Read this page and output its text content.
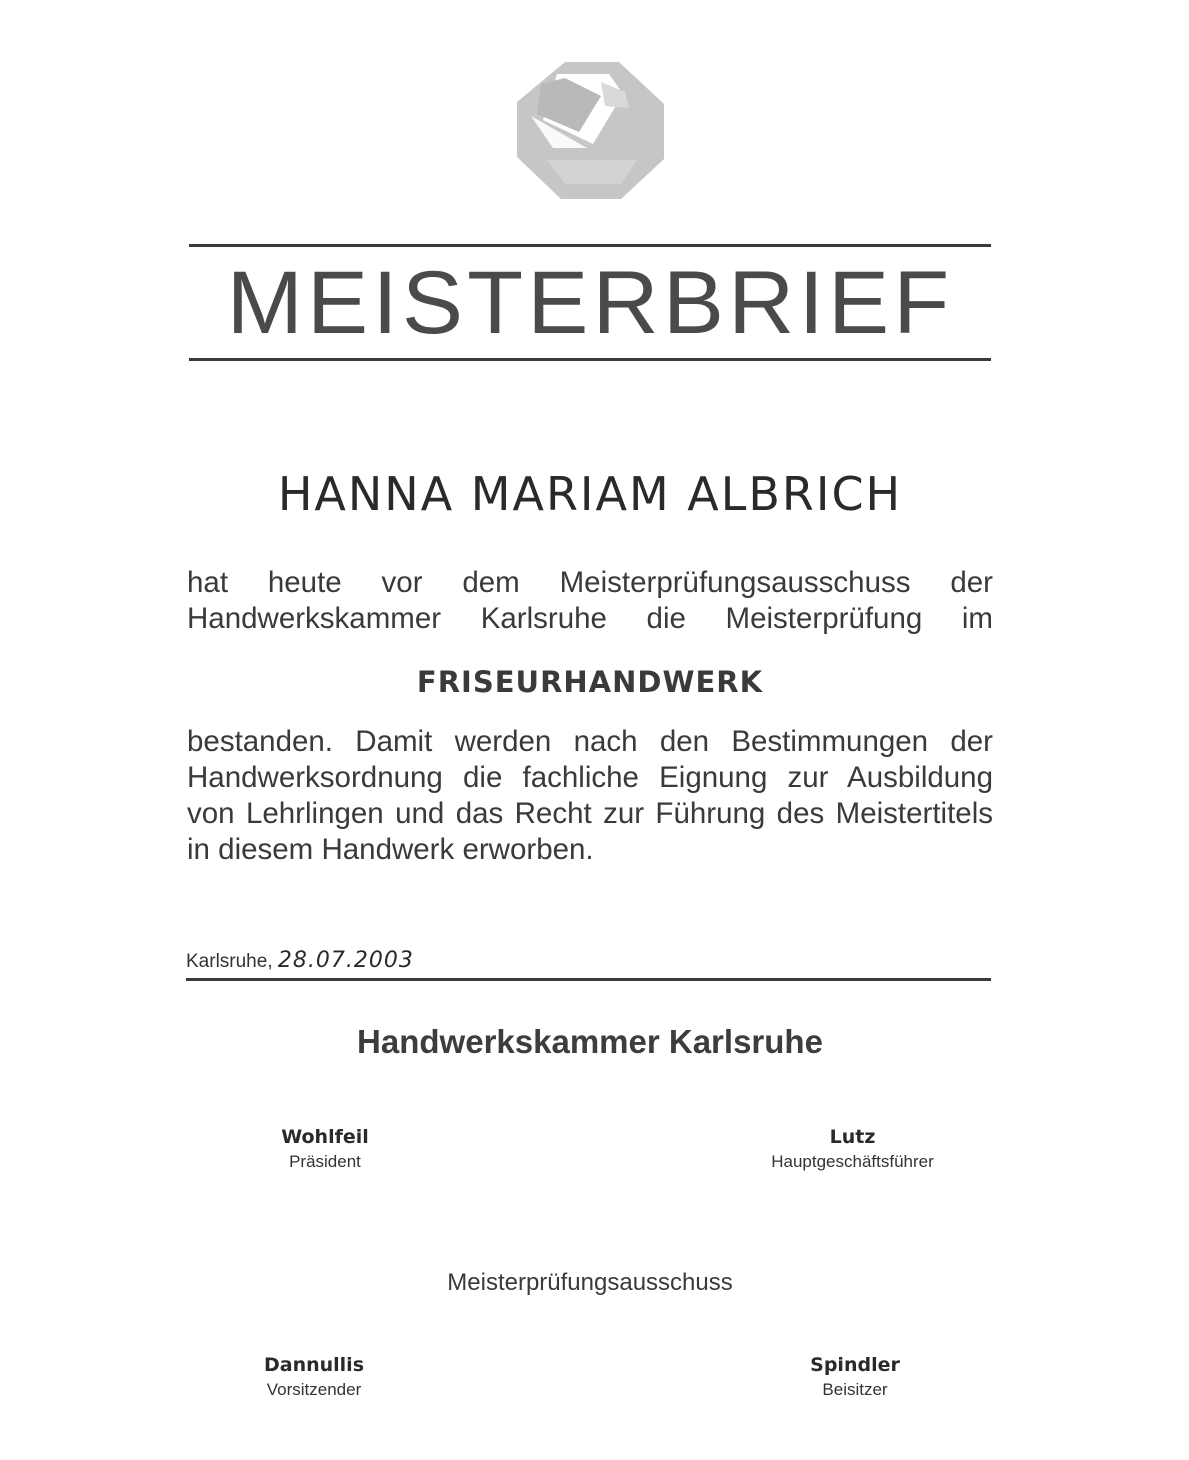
MEISTERBRIEF
HANNA MARIAM ALBRICH
hat heute vor dem Meisterprüfungsausschuss der
Handwerkskammer Karlsruhe die Meisterprüfung im
FRISEURHANDWERK
bestanden. Damit werden nach den Bestimmungen der
Handwerksordnung die fachliche Eignung zur Ausbildung
von Lehrlingen und das Recht zur Führung des Meistertitels
in diesem Handwerk erworben.
Karlsruhe, 28.07.2003
Handwerkskammer Karlsruhe
Wohlfeil
Präsident
Lutz
Hauptgeschäftsführer
Meisterprüfungsausschuss
Dannullis
Vorsitzender
Spindler
Beisitzer
